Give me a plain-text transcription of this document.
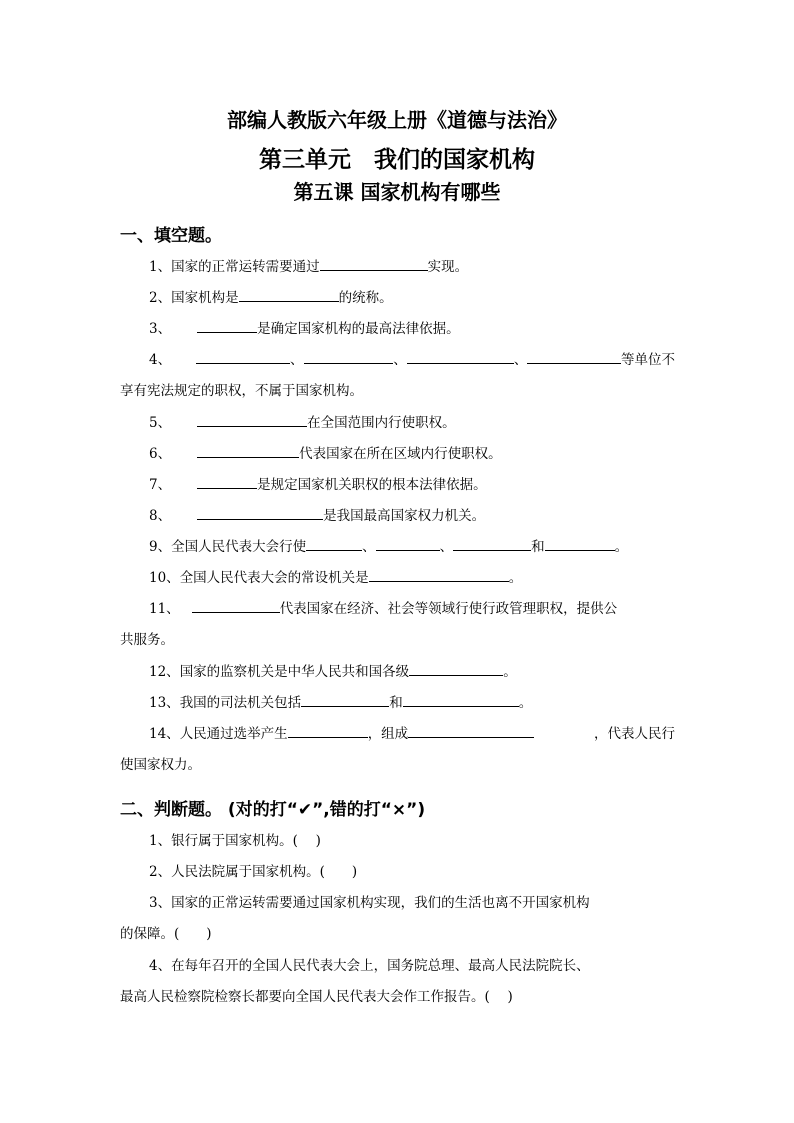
部编人教版六年级上册《道德与法治》
第三单元　我们的国家机构
第五课 国家机构有哪些
一、填空题。
1、国家的正常运转需要通过	实现。
2、国家机构是	的统称。
3、	是确定国家机构的最高法律依据。
4、	、	、	、	等单位不
享有宪法规定的职权，不属于国家机构。
5、	在全国范围内行使职权。
6、	代表国家在所在区域内行使职权。
7、	是规定国家机关职权的根本法律依据。
8、	是我国最高国家权力机关。
9、全国人民代表大会行使	、	、	和	。
10、全国人民代表大会的常设机关是	。
11、	代表国家在经济、社会等领域行使行政管理职权，提供公
共服务。
12、国家的监察机关是中华人民共和国各级	。
13、我国的司法机关包括	和	。
14、 人民通过选举产生	，组成	，代表人民行
使国家权力。
二、判断题。 (对的打“✔”,错的打“×”)
1、银行属于国家机构。(　 )
2、人民法院属于国家机构。(　　)
3、国家的正常运转需要通过国家机构实现，我们的生活也离不开国家机构
的保障。(　　)
4、在每年召开的全国人民代表大会上，国务院总理、最高人民法院院长、
最高人民检察院检察长都要向全国人民代表大会作工作报告。(　 )
